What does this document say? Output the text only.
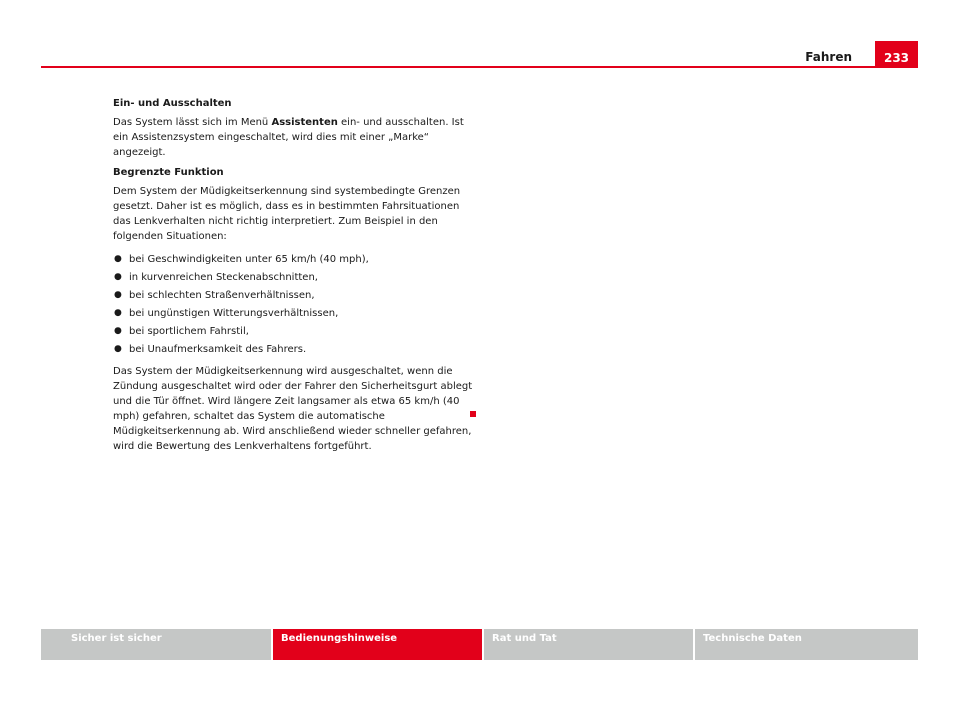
Fahren	233

Ein- und Ausschalten

Das System lässt sich im Menü Assistenten ein- und ausschalten. Ist ein Assistenzsystem eingeschaltet, wird dies mit einer „Marke“ angezeigt.

Begrenzte Funktion

Dem System der Müdigkeitserkennung sind systembedingte Grenzen gesetzt. Daher ist es möglich, dass es in bestimmten Fahrsituationen das Lenkverhalten nicht richtig interpretiert. Zum Beispiel in den folgenden Situationen:

● bei Geschwindigkeiten unter 65 km/h (40 mph),
● in kurvenreichen Steckenabschnitten,
● bei schlechten Straßenverhältnissen,
● bei ungünstigen Witterungsverhältnissen,
● bei sportlichem Fahrstil,
● bei Unaufmerksamkeit des Fahrers.

Das System der Müdigkeitserkennung wird ausgeschaltet, wenn die Zündung ausgeschaltet wird oder der Fahrer den Sicherheitsgurt ablegt und die Tür öffnet. Wird längere Zeit langsamer als etwa 65 km/h (40 mph) gefahren, schaltet das System die automatische Müdigkeitserkennung ab. Wird anschließend wieder schneller gefahren, wird die Bewertung des Lenkverhaltens fortgeführt.

Sicher ist sicher	Bedienungshinweise	Rat und Tat	Technische Daten
